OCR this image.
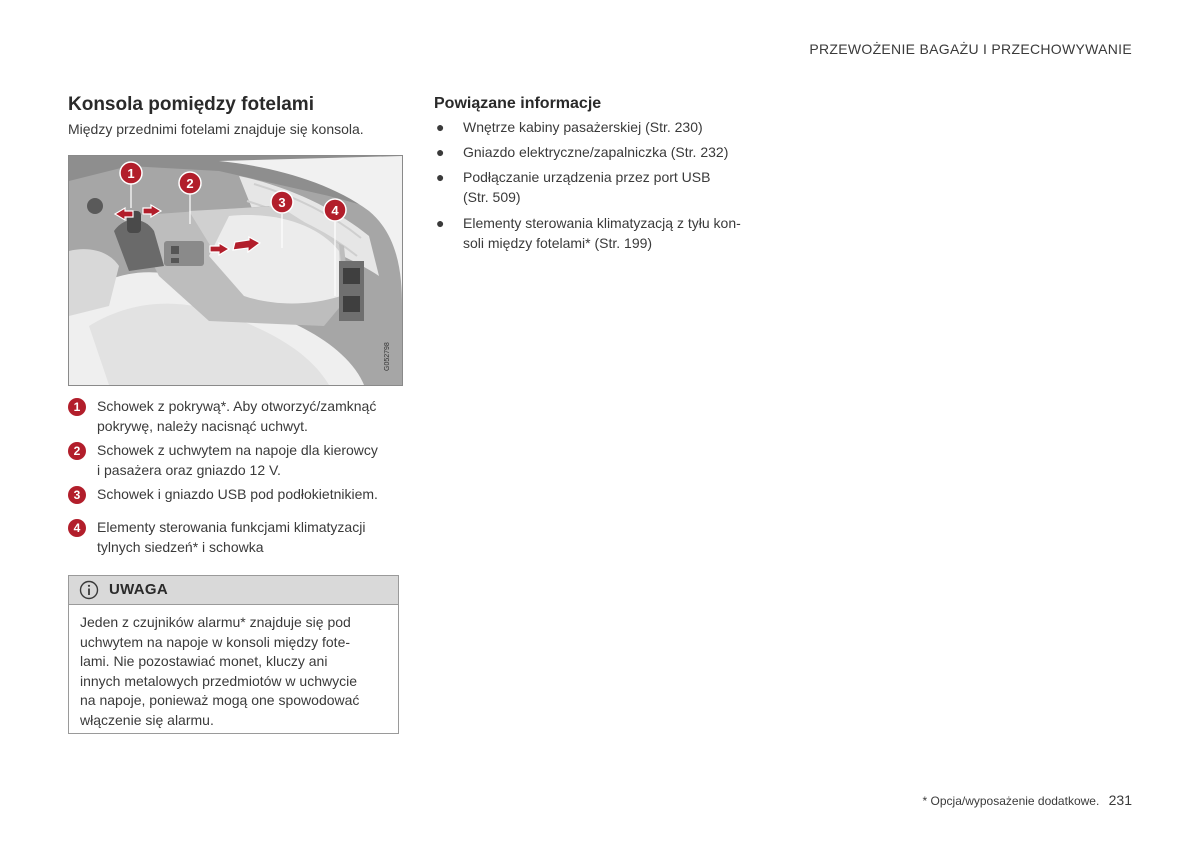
PRZEWOŻENIE BAGAŻU I PRZECHOWYWANIE
Konsola pomiędzy fotelami
Między przednimi fotelami znajduje się konsola.
1
2
3
4
G052798
1	Schowek z pokrywą*. Aby otworzyć/zamknąć
pokrywę, należy nacisnąć uchwyt.
2	Schowek z uchwytem na napoje dla kierowcy
i pasażera oraz gniazdo 12 V.
3	Schowek i gniazdo USB pod podłokietnikiem.
4	Elementy sterowania funkcjami klimatyzacji
tylnych siedzeń* i schowka
UWAGA
Jeden z czujników alarmu* znajduje się pod
uchwytem na napoje w konsoli między fote-
lami. Nie pozostawiać monet, kluczy ani
innych metalowych przedmiotów w uchwycie
na napoje, ponieważ mogą one spowodować
włączenie się alarmu.
Powiązane informacje
● Wnętrze kabiny pasażerskiej (Str. 230)
● Gniazdo elektryczne/zapalniczka (Str. 232)
● Podłączanie urządzenia przez port USB
(Str. 509)
● Elementy sterowania klimatyzacją z tyłu kon-
soli między fotelami* (Str. 199)
* Opcja/wyposażenie dodatkowe. 231
